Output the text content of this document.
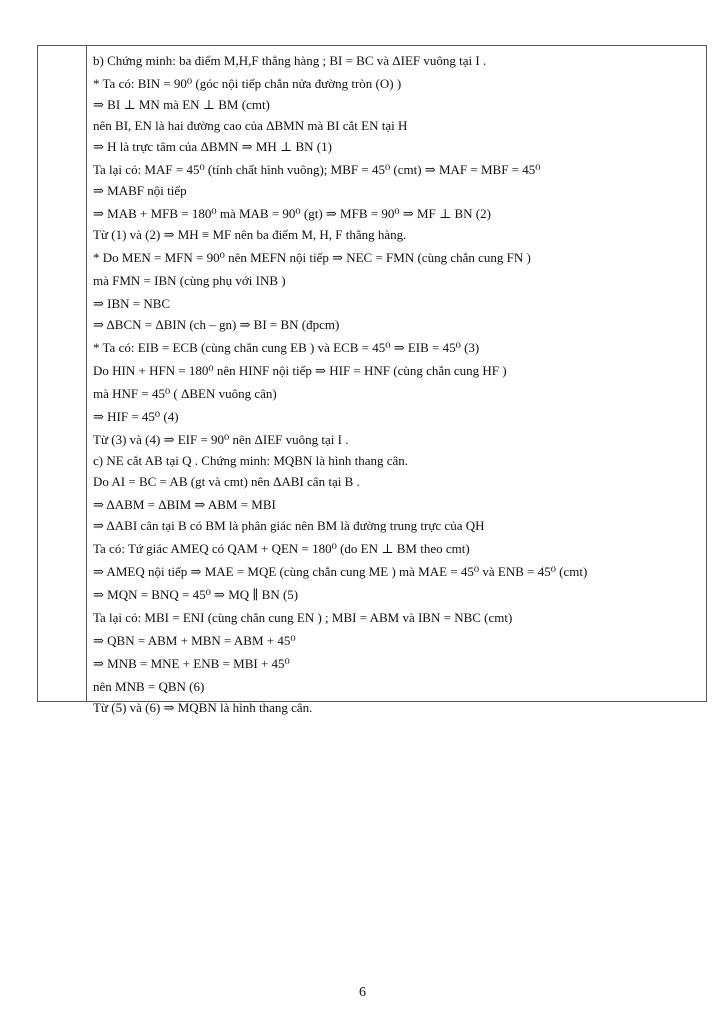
b) Chứng minh: ba điểm M,H,F thẳng hàng ; BI = BC và ΔIEF vuông tại I .
* Ta có: BIN = 90⁰ (góc nội tiếp chắn nửa đường tròn (O) )
⇒ BI ⊥ MN mà EN ⊥ BM (cmt)
nên BI, EN là hai đường cao của ΔBMN mà BI cắt EN tại H
⇒ H là trực tâm của ΔBMN ⇒ MH ⊥ BN (1)
Ta lại có: MAF = 45⁰ (tính chất hình vuông); MBF = 45⁰ (cmt) ⇒ MAF = MBF = 45⁰
⇒ MABF nội tiếp
⇒ MAB + MFB = 180⁰ mà MAB = 90⁰ (gt) ⇒ MFB = 90⁰ ⇒ MF ⊥ BN (2)
Từ (1) và (2) ⇒ MH ≡ MF nên ba điểm M, H, F thẳng hàng.
* Do MEN = MFN = 90⁰ nên MEFN nội tiếp ⇒ NEC = FMN (cùng chắn cung FN )
mà FMN = IBN (cùng phụ với INB )
⇒ IBN = NBC
⇒ ΔBCN = ΔBIN (ch – gn) ⇒ BI = BN (đpcm)
* Ta có: EIB = ECB (cùng chắn cung EB ) và ECB = 45⁰ ⇒ EIB = 45⁰ (3)
Do HIN + HFN = 180⁰ nên HINF nội tiếp ⇒ HIF = HNF (cùng chắn cung HF )
mà HNF = 45⁰ ( ΔBEN vuông cân)
⇒ HIF = 45⁰ (4)
Từ (3) và (4) ⇒ EIF = 90⁰ nên ΔIEF vuông tại I .
c) NE cắt AB tại Q . Chứng minh: MQBN là hình thang cân.
Do AI = BC = AB (gt và cmt) nên ΔABI cân tại B .
⇒ ΔABM = ΔBIM ⇒ ABM = MBI
⇒ ΔABI cân tại B có BM là phân giác nên BM là đường trung trực của QH
Ta có: Tứ giác AMEQ có QAM + QEN = 180⁰ (do EN ⊥ BM theo cmt)
⇒ AMEQ nội tiếp ⇒ MAE = MQE (cùng chắn cung ME ) mà MAE = 45⁰ và ENB = 45⁰ (cmt)
⇒ MQN = BNQ = 45⁰ ⇒ MQ ∥ BN (5)
Ta lại có: MBI = ENI (cùng chắn cung EN ) ; MBI = ABM và IBN = NBC (cmt)
⇒ QBN = ABM + MBN = ABM + 45⁰
⇒ MNB = MNE + ENB = MBI + 45⁰
nên MNB = QBN (6)
Từ (5) và (6) ⇒ MQBN là hình thang cân.
6
